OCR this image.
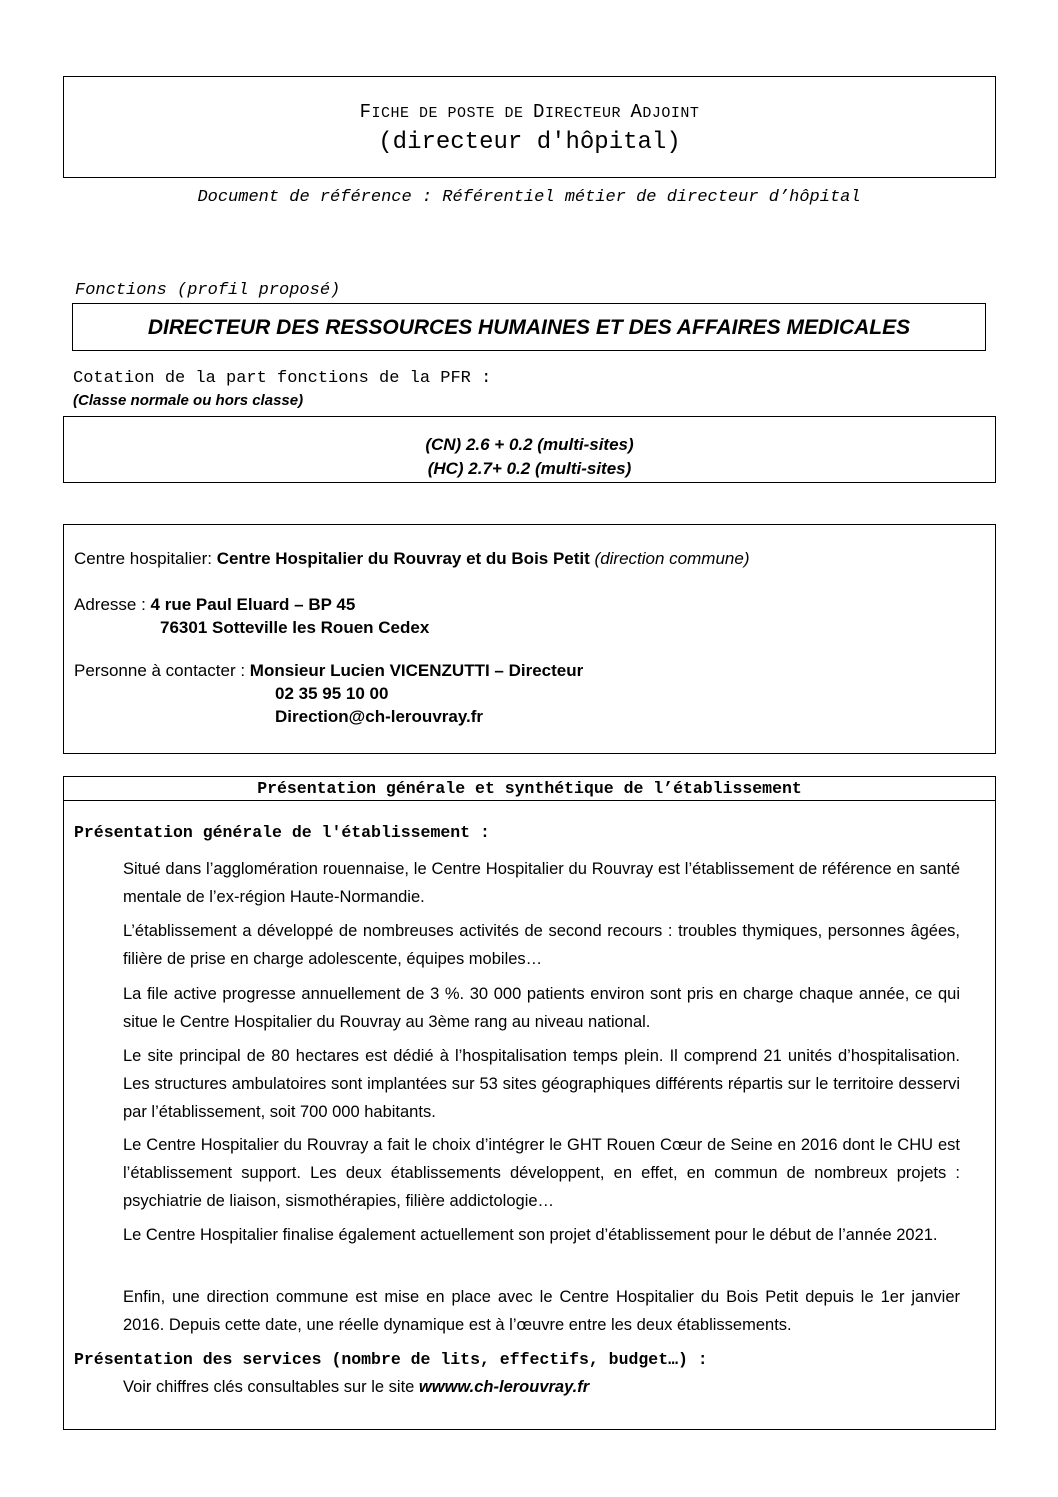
FICHE DE POSTE DE DIRECTEUR ADJOINT
(directeur d'hôpital)
Document de référence : Référentiel métier de directeur d’hôpital
Fonctions (profil proposé)
DIRECTEUR DES RESSOURCES HUMAINES ET DES AFFAIRES MEDICALES
Cotation de la part fonctions de la PFR :
(Classe normale ou hors classe)
(CN) 2.6 + 0.2 (multi-sites)
(HC) 2.7+ 0.2 (multi-sites)
Centre hospitalier: Centre Hospitalier du Rouvray et du Bois Petit (direction commune)
Adresse : 4 rue Paul Eluard – BP 45
76301 Sotteville les Rouen Cedex
Personne à contacter : Monsieur Lucien VICENZUTTI – Directeur
02 35 95 10 00
Direction@ch-lerouvray.fr
Présentation générale et synthétique de l’établissement
Présentation générale de l'établissement :
Situé dans l’agglomération rouennaise, le Centre Hospitalier du Rouvray est l’établissement de référence en santé mentale de l’ex-région Haute-Normandie.
L’établissement a développé de nombreuses activités de second recours : troubles thymiques, personnes âgées, filière de prise en charge adolescente, équipes mobiles…
La file active progresse annuellement de 3 %. 30 000 patients environ sont pris en charge chaque année, ce qui situe le Centre Hospitalier du Rouvray au 3ème rang au niveau national.
Le site principal de 80 hectares est dédié à l’hospitalisation temps plein. Il comprend 21 unités d’hospitalisation. Les structures ambulatoires sont implantées sur 53 sites géographiques différents répartis sur le territoire desservi par l’établissement, soit 700 000 habitants.
Le Centre Hospitalier du Rouvray a fait le choix d’intégrer le GHT Rouen Cœur de Seine en 2016 dont le CHU est l’établissement support. Les deux établissements développent, en effet, en commun de nombreux projets : psychiatrie de liaison, sismothérapies, filière addictologie…
Le Centre Hospitalier finalise également actuellement son projet d’établissement pour le début de l’année 2021.
Enfin, une direction commune est mise en place avec le Centre Hospitalier du Bois Petit depuis le 1er janvier 2016. Depuis cette date, une réelle dynamique est à l’œuvre entre les deux établissements.
Présentation des services (nombre de lits, effectifs, budget…) :
Voir chiffres clés consultables sur le site wwww.ch-lerouvray.fr
